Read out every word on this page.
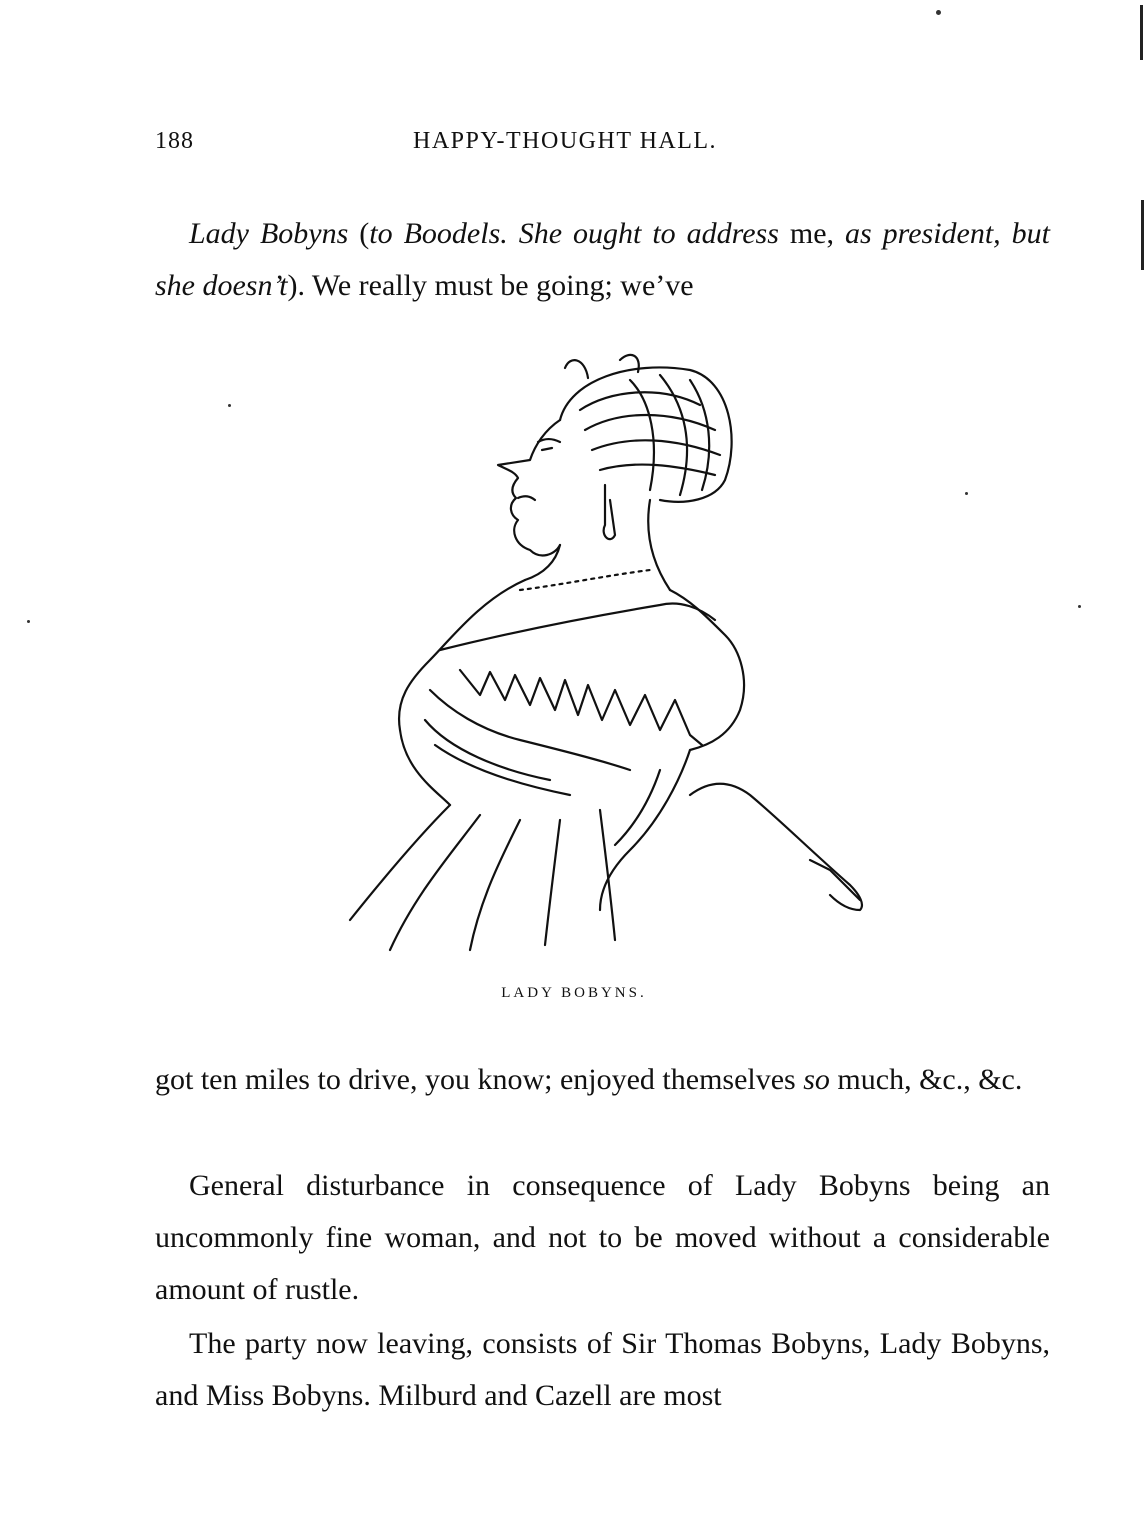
188	HAPPY-THOUGHT HALL.

Lady Bobyns (to Boodels. She ought to address me, as president, but she doesn’t). We really must be going; we’ve

LADY BOBYNS.

got ten miles to drive, you know; enjoyed themselves so much, &c., &c.

General disturbance in consequence of Lady Bobyns being an uncommonly fine woman, and not to be moved without a considerable amount of rustle.

The party now leaving, consists of Sir Thomas Bobyns, Lady Bobyns, and Miss Bobyns. Milburd and Cazell are most
